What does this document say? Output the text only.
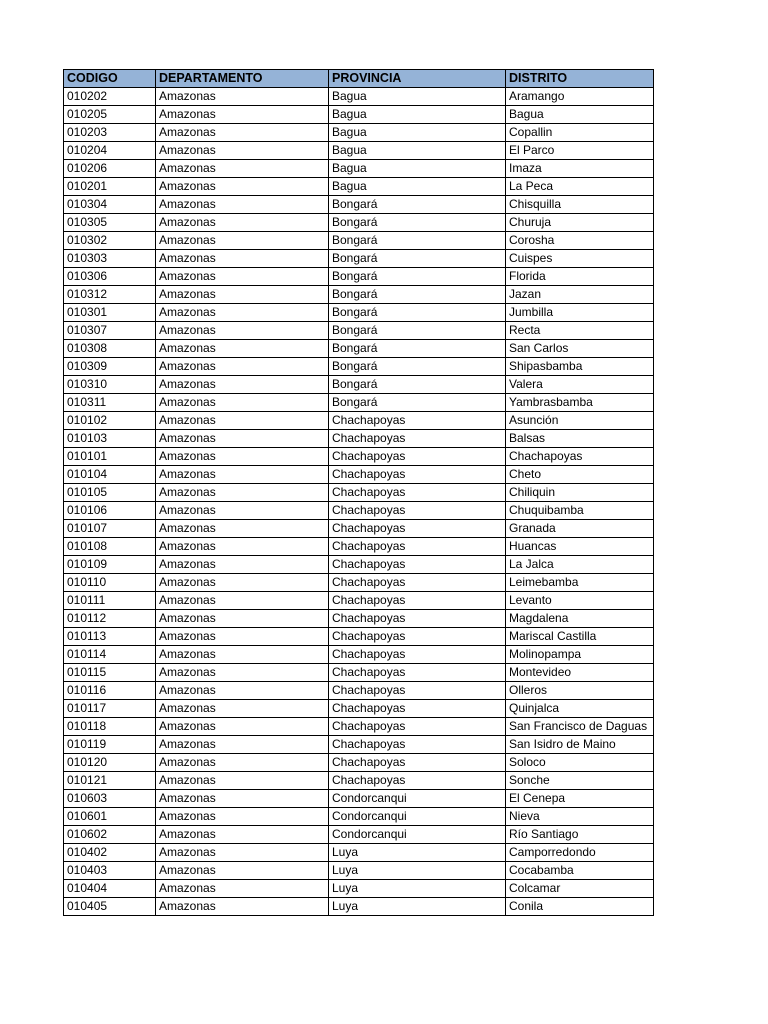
CODIGO	DEPARTAMENTO	PROVINCIA	DISTRITO
010202	Amazonas	Bagua	Aramango
010205	Amazonas	Bagua	Bagua
010203	Amazonas	Bagua	Copallin
010204	Amazonas	Bagua	El Parco
010206	Amazonas	Bagua	Imaza
010201	Amazonas	Bagua	La Peca
010304	Amazonas	Bongará	Chisquilla
010305	Amazonas	Bongará	Churuja
010302	Amazonas	Bongará	Corosha
010303	Amazonas	Bongará	Cuispes
010306	Amazonas	Bongará	Florida
010312	Amazonas	Bongará	Jazan
010301	Amazonas	Bongará	Jumbilla
010307	Amazonas	Bongará	Recta
010308	Amazonas	Bongará	San Carlos
010309	Amazonas	Bongará	Shipasbamba
010310	Amazonas	Bongará	Valera
010311	Amazonas	Bongará	Yambrasbamba
010102	Amazonas	Chachapoyas	Asunción
010103	Amazonas	Chachapoyas	Balsas
010101	Amazonas	Chachapoyas	Chachapoyas
010104	Amazonas	Chachapoyas	Cheto
010105	Amazonas	Chachapoyas	Chiliquin
010106	Amazonas	Chachapoyas	Chuquibamba
010107	Amazonas	Chachapoyas	Granada
010108	Amazonas	Chachapoyas	Huancas
010109	Amazonas	Chachapoyas	La Jalca
010110	Amazonas	Chachapoyas	Leimebamba
010111	Amazonas	Chachapoyas	Levanto
010112	Amazonas	Chachapoyas	Magdalena
010113	Amazonas	Chachapoyas	Mariscal Castilla
010114	Amazonas	Chachapoyas	Molinopampa
010115	Amazonas	Chachapoyas	Montevideo
010116	Amazonas	Chachapoyas	Olleros
010117	Amazonas	Chachapoyas	Quinjalca
010118	Amazonas	Chachapoyas	San Francisco de Daguas
010119	Amazonas	Chachapoyas	San Isidro de Maino
010120	Amazonas	Chachapoyas	Soloco
010121	Amazonas	Chachapoyas	Sonche
010603	Amazonas	Condorcanqui	El Cenepa
010601	Amazonas	Condorcanqui	Nieva
010602	Amazonas	Condorcanqui	Río Santiago
010402	Amazonas	Luya	Camporredondo
010403	Amazonas	Luya	Cocabamba
010404	Amazonas	Luya	Colcamar
010405	Amazonas	Luya	Conila
